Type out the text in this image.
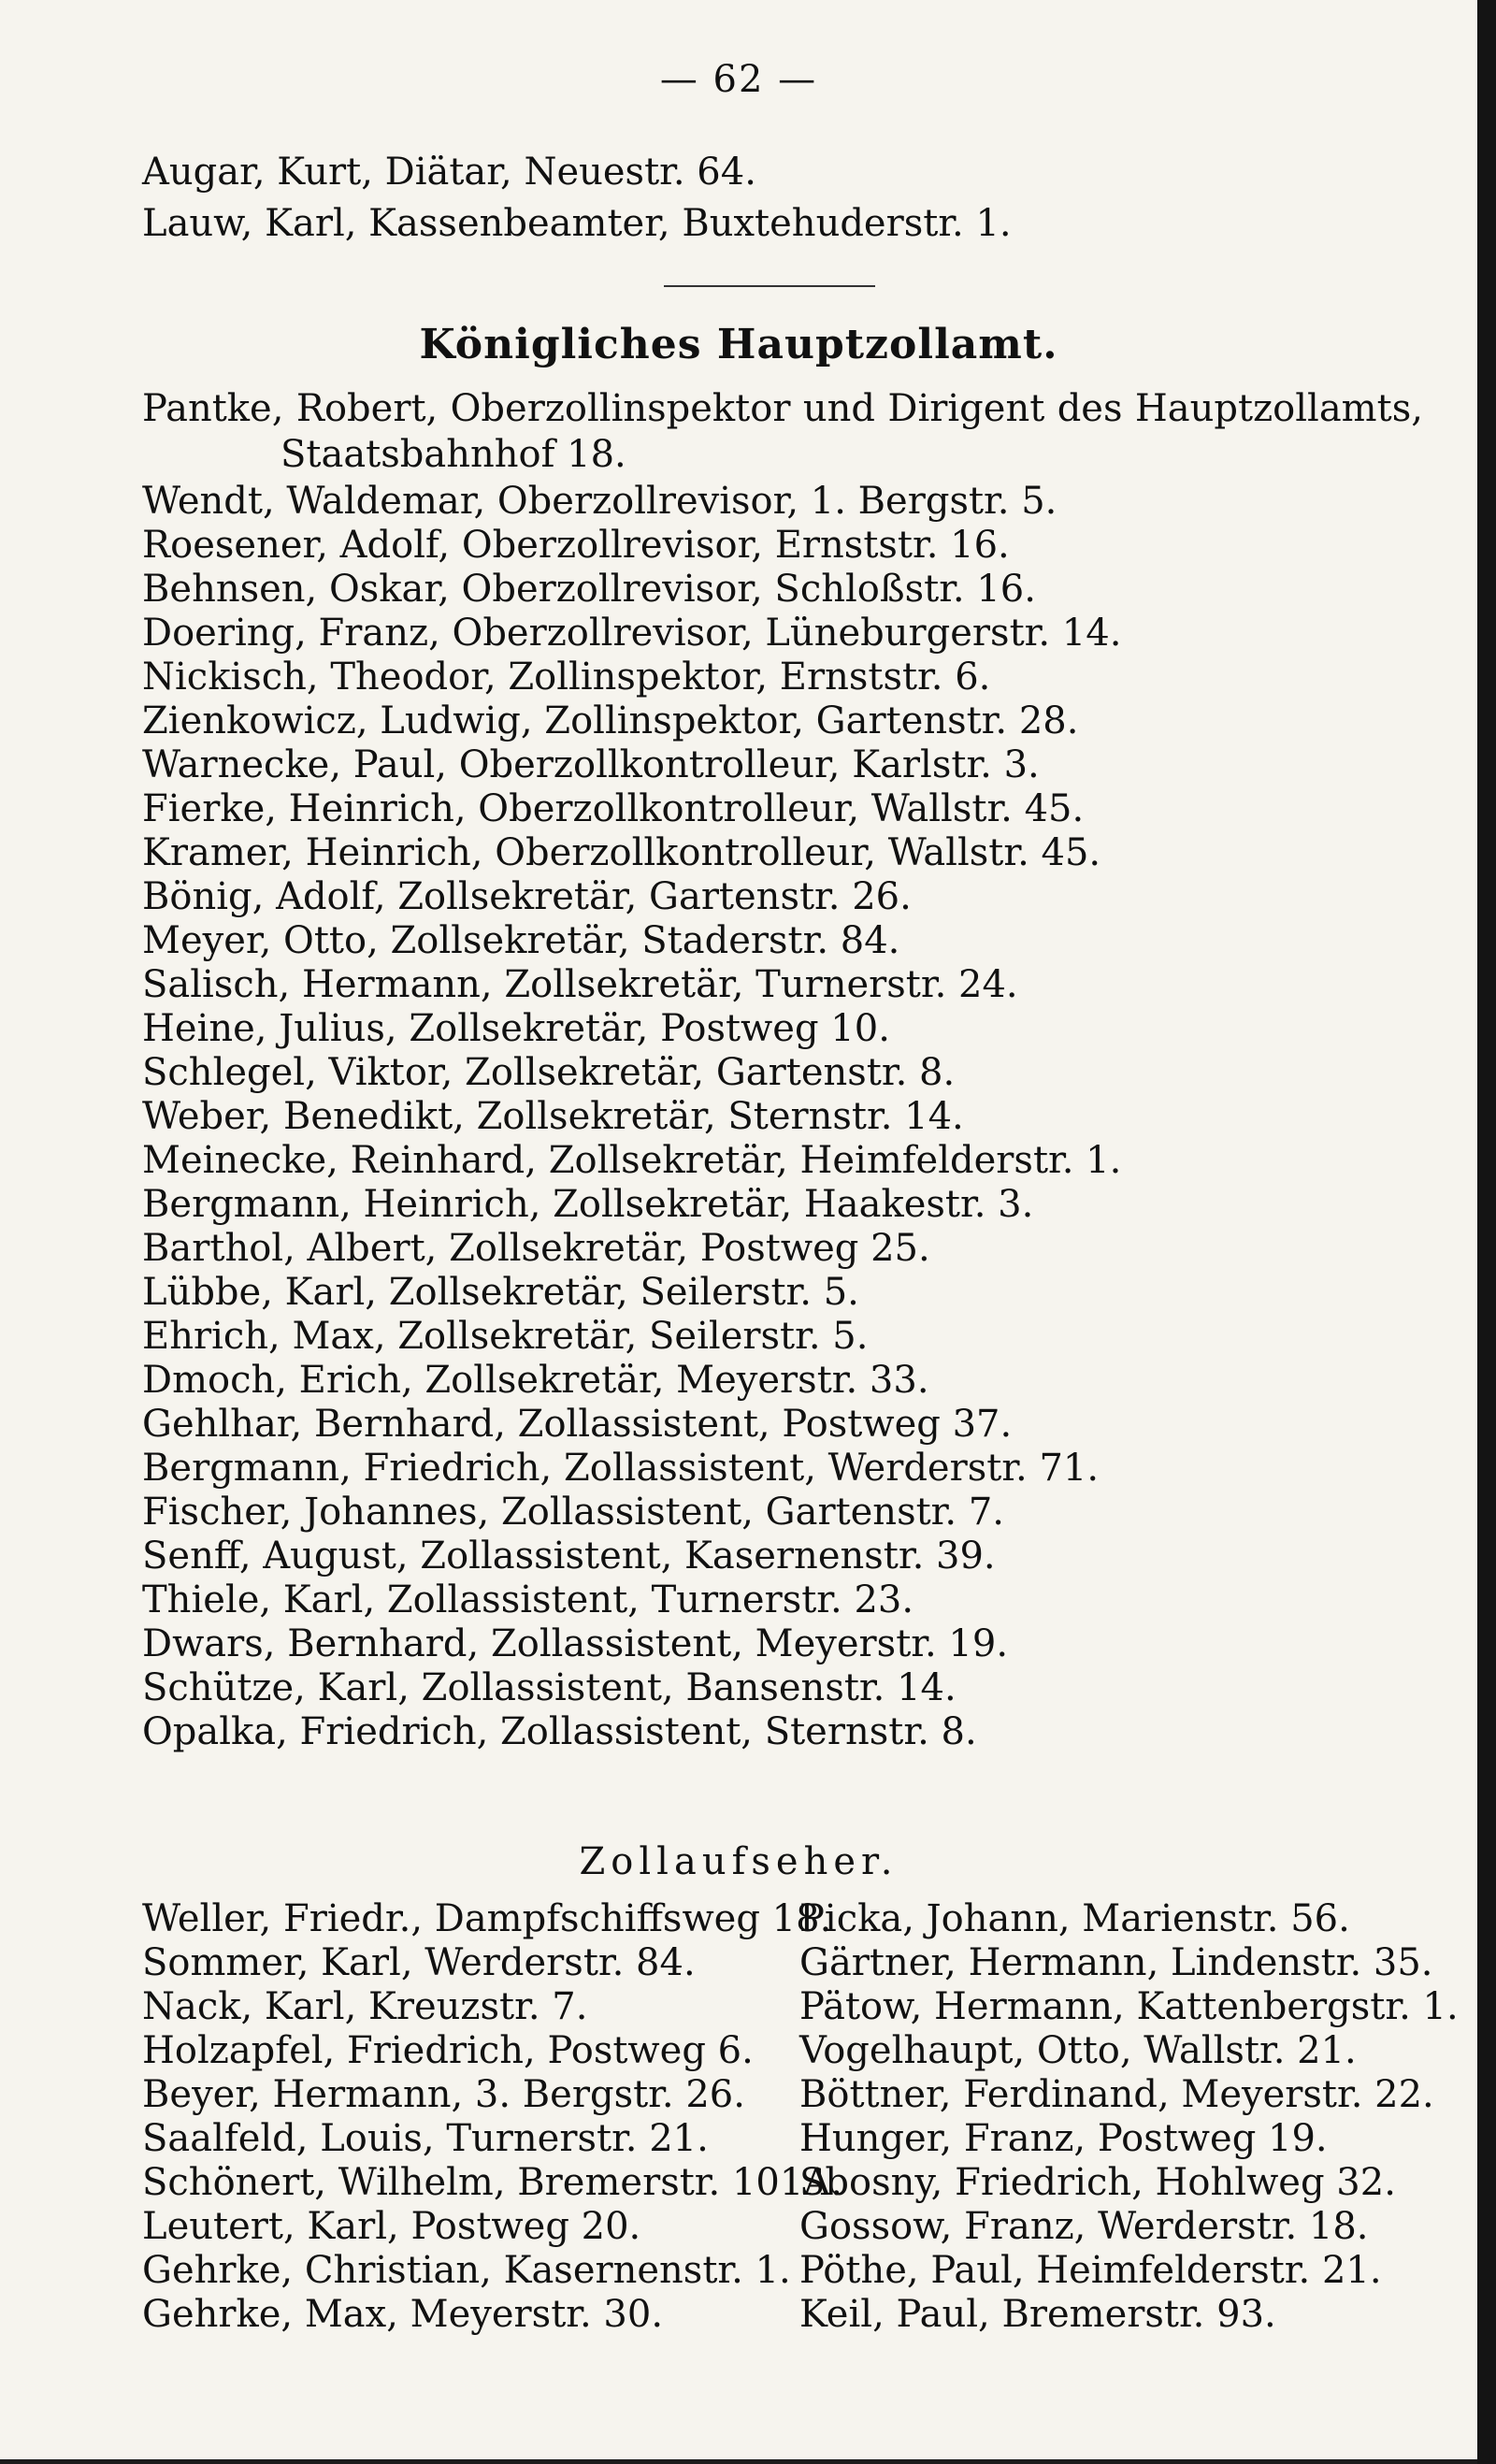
— 62 —
Augar, Kurt, Diätar, Neuestr. 64.
Lauw, Karl, Kassenbeamter, Buxtehuderstr. 1.
Königliches Hauptzollamt.
Pantke, Robert, Oberzollinspektor und Dirigent des Hauptzollamts,
Staatsbahnhof 18.
Wendt, Waldemar, Oberzollrevisor, 1. Bergstr. 5.
Roesener, Adolf, Oberzollrevisor, Ernststr. 16.
Behnsen, Oskar, Oberzollrevisor, Schloßstr. 16.
Doering, Franz, Oberzollrevisor, Lüneburgerstr. 14.
Nickisch, Theodor, Zollinspektor, Ernststr. 6.
Zienkowicz, Ludwig, Zollinspektor, Gartenstr. 28.
Warnecke, Paul, Oberzollkontrolleur, Karlstr. 3.
Fierke, Heinrich, Oberzollkontrolleur, Wallstr. 45.
Kramer, Heinrich, Oberzollkontrolleur, Wallstr. 45.
Bönig, Adolf, Zollsekretär, Gartenstr. 26.
Meyer, Otto, Zollsekretär, Staderstr. 84.
Salisch, Hermann, Zollsekretär, Turnerstr. 24.
Heine, Julius, Zollsekretär, Postweg 10.
Schlegel, Viktor, Zollsekretär, Gartenstr. 8.
Weber, Benedikt, Zollsekretär, Sternstr. 14.
Meinecke, Reinhard, Zollsekretär, Heimfelderstr. 1.
Bergmann, Heinrich, Zollsekretär, Haakestr. 3.
Barthol, Albert, Zollsekretär, Postweg 25.
Lübbe, Karl, Zollsekretär, Seilerstr. 5.
Ehrich, Max, Zollsekretär, Seilerstr. 5.
Dmoch, Erich, Zollsekretär, Meyerstr. 33.
Gehlhar, Bernhard, Zollassistent, Postweg 37.
Bergmann, Friedrich, Zollassistent, Werderstr. 71.
Fischer, Johannes, Zollassistent, Gartenstr. 7.
Senff, August, Zollassistent, Kasernenstr. 39.
Thiele, Karl, Zollassistent, Turnerstr. 23.
Dwars, Bernhard, Zollassistent, Meyerstr. 19.
Schütze, Karl, Zollassistent, Bansenstr. 14.
Opalka, Friedrich, Zollassistent, Sternstr. 8.
Zollaufseher.
Weller, Friedr., Dampfschiffsweg 18.
Sommer, Karl, Werderstr. 84.
Nack, Karl, Kreuzstr. 7.
Holzapfel, Friedrich, Postweg 6.
Beyer, Hermann, 3. Bergstr. 26.
Saalfeld, Louis, Turnerstr. 21.
Schönert, Wilhelm, Bremerstr. 101A.
Leutert, Karl, Postweg 20.
Gehrke, Christian, Kasernenstr. 1.
Gehrke, Max, Meyerstr. 30.
Picka, Johann, Marienstr. 56.
Gärtner, Hermann, Lindenstr. 35.
Pätow, Hermann, Kattenbergstr. 1.
Vogelhaupt, Otto, Wallstr. 21.
Böttner, Ferdinand, Meyerstr. 22.
Hunger, Franz, Postweg 19.
Sbosny, Friedrich, Hohlweg 32.
Gossow, Franz, Werderstr. 18.
Pöthe, Paul, Heimfelderstr. 21.
Keil, Paul, Bremerstr. 93.
